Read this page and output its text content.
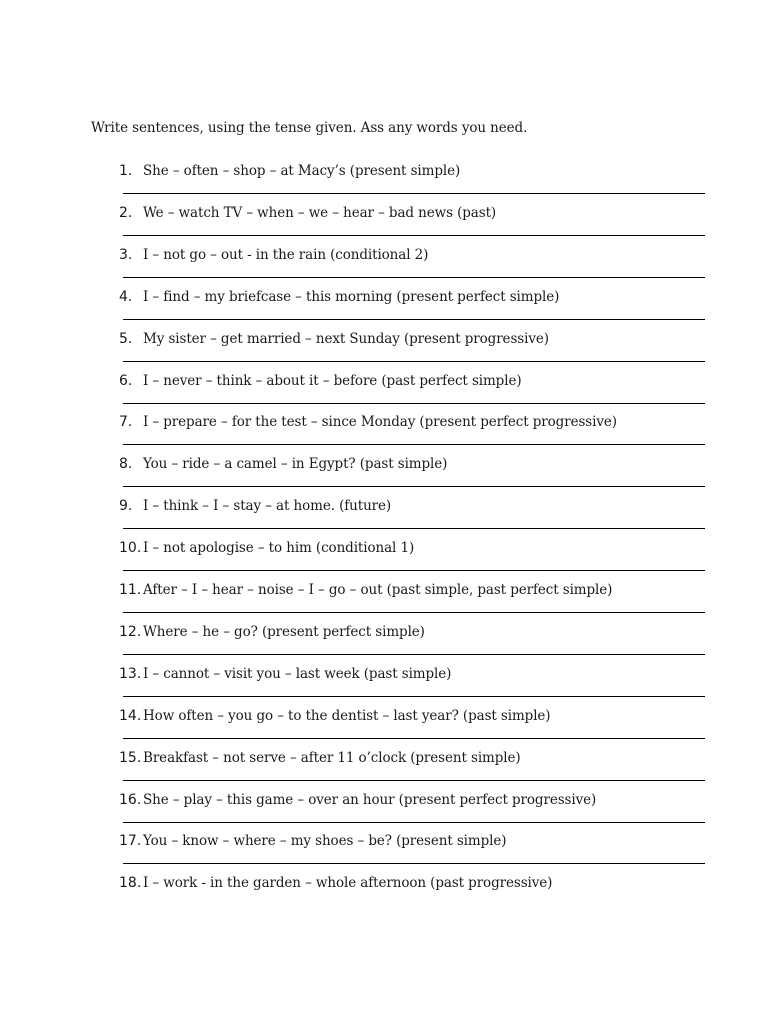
Write sentences, using the tense given. Ass any words you need.
1. She – often – shop – at Macy’s (present simple)
2. We – watch TV – when – we – hear – bad news (past)
3. I – not go – out - in the rain (conditional 2)
4. I – find – my briefcase – this morning (present perfect simple)
5. My sister – get married – next Sunday (present progressive)
6. I – never – think – about it – before (past perfect simple)
7. I – prepare – for the test – since Monday (present perfect progressive)
8. You – ride – a camel – in Egypt? (past simple)
9. I – think – I – stay – at home. (future)
10. I – not apologise – to him (conditional 1)
11. After – I – hear – noise – I – go – out (past simple, past perfect simple)
12. Where – he – go? (present perfect simple)
13. I – cannot – visit you – last week (past simple)
14. How often – you go – to the dentist – last year? (past simple)
15. Breakfast – not serve – after 11 o’clock (present simple)
16. She – play – this game – over an hour (present perfect progressive)
17. You – know – where – my shoes – be? (present simple)
18. I – work - in the garden – whole afternoon (past progressive)
